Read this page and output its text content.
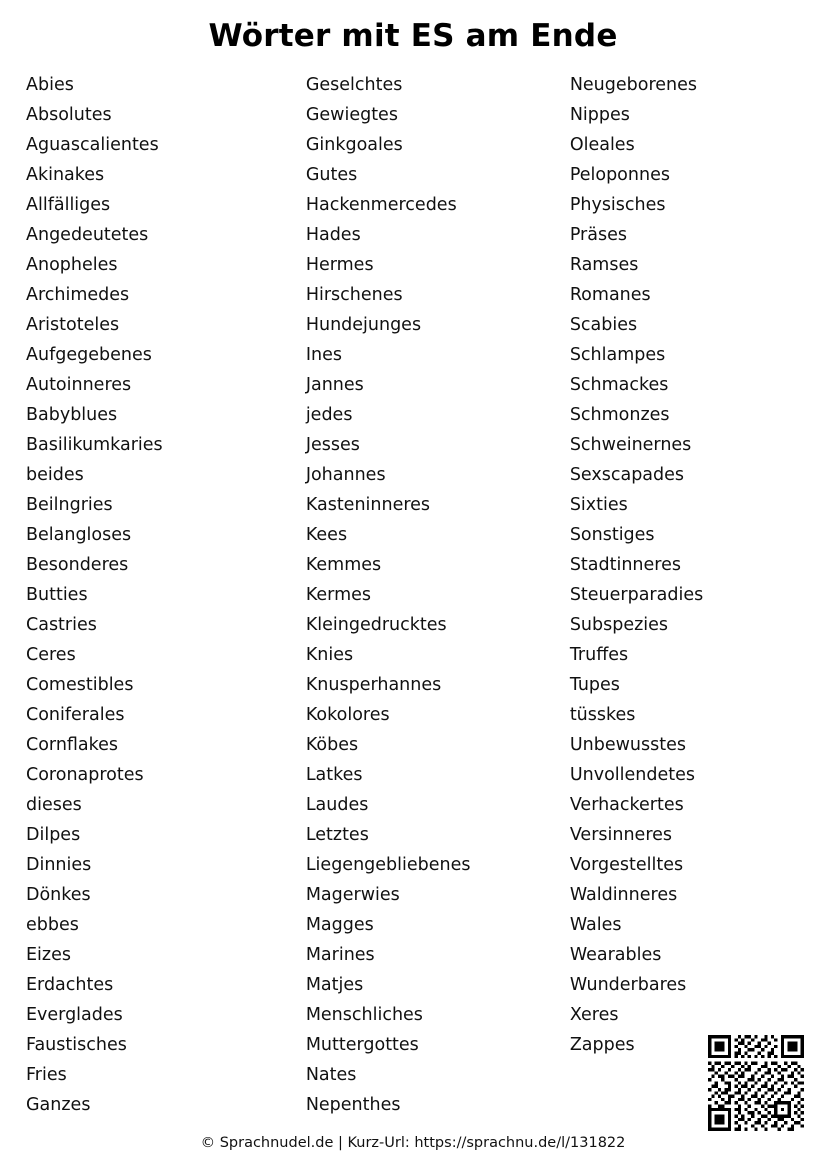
Wörter mit ES am Ende
Abies
Absolutes
Aguascalientes
Akinakes
Allfälliges
Angedeutetes
Anopheles
Archimedes
Aristoteles
Aufgegebenes
Autoinneres
Babyblues
Basilikumkaries
beides
Beilngries
Belangloses
Besonderes
Butties
Castries
Ceres
Comestibles
Coniferales
Cornflakes
Coronaprotes
dieses
Dilpes
Dinnies
Dönkes
ebbes
Eizes
Erdachtes
Everglades
Faustisches
Fries
Ganzes
Geselchtes
Gewiegtes
Ginkgoales
Gutes
Hackenmercedes
Hades
Hermes
Hirschenes
Hundejunges
Ines
Jannes
jedes
Jesses
Johannes
Kasteninneres
Kees
Kemmes
Kermes
Kleingedrucktes
Knies
Knusperhannes
Kokolores
Köbes
Latkes
Laudes
Letztes
Liegengebliebenes
Magerwies
Magges
Marines
Matjes
Menschliches
Muttergottes
Nates
Nepenthes
Neugeborenes
Nippes
Oleales
Peloponnes
Physisches
Präses
Ramses
Romanes
Scabies
Schlampes
Schmackes
Schmonzes
Schweinernes
Sexscapades
Sixties
Sonstiges
Stadtinneres
Steuerparadies
Subspezies
Truffes
Tupes
tüsskes
Unbewusstes
Unvollendetes
Verhackertes
Versinneres
Vorgestelltes
Waldinneres
Wales
Wearables
Wunderbares
Xeres
Zappes
© Sprachnudel.de | Kurz-Url: https://sprachnu.de/l/131822
